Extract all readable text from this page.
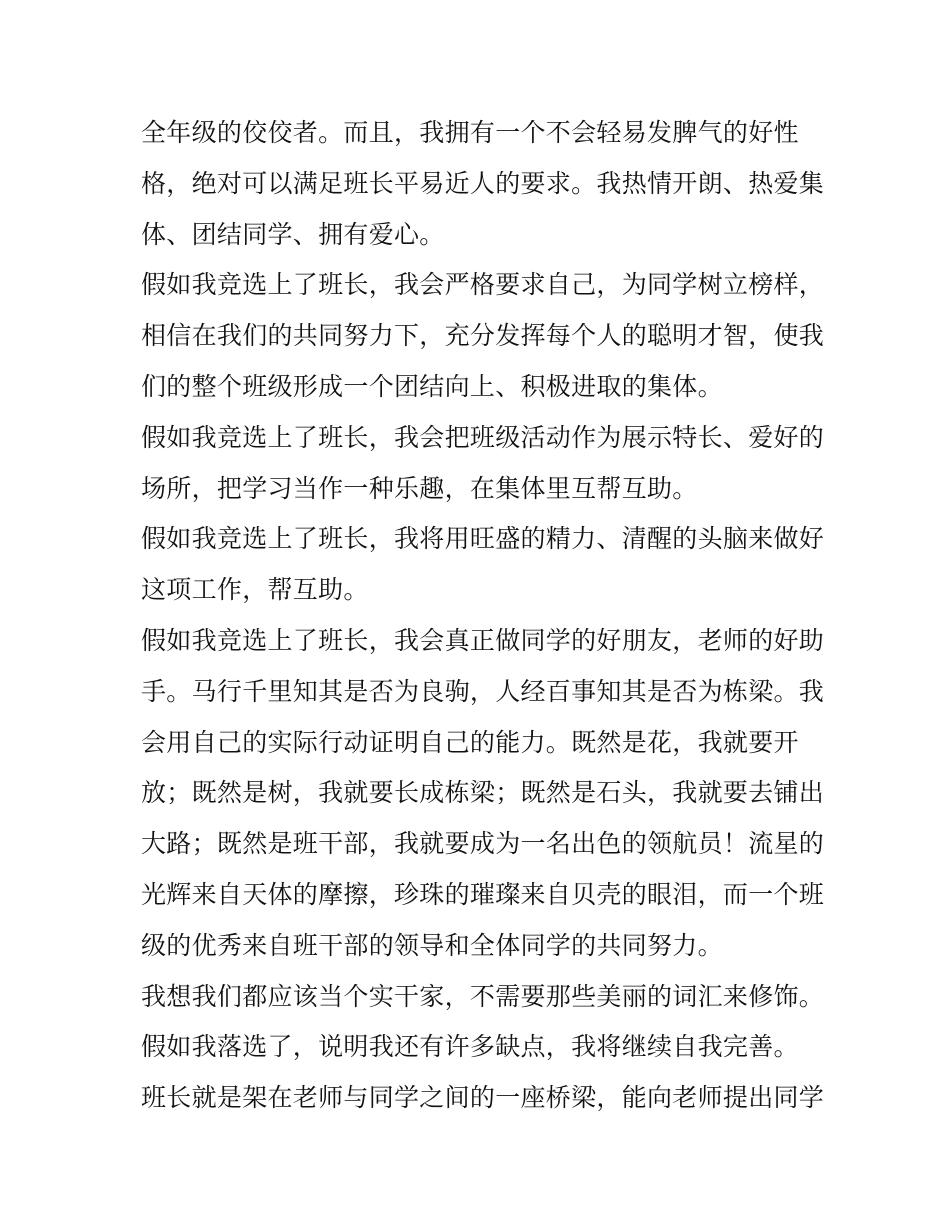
全年级的佼佼者。而且，我拥有一个不会轻易发脾气的好性
格，绝对可以满足班长平易近人的要求。我热情开朗、热爱集
体、团结同学、拥有爱心。
假如我竞选上了班长，我会严格要求自己，为同学树立榜样，
相信在我们的共同努力下，充分发挥每个人的聪明才智，使我
们的整个班级形成一个团结向上、积极进取的集体。
假如我竞选上了班长，我会把班级活动作为展示特长、爱好的
场所，把学习当作一种乐趣，在集体里互帮互助。
假如我竞选上了班长，我将用旺盛的精力、清醒的头脑来做好
这项工作，帮互助。
假如我竞选上了班长，我会真正做同学的好朋友，老师的好助
手。马行千里知其是否为良驹，人经百事知其是否为栋梁。我
会用自己的实际行动证明自己的能力。既然是花，我就要开
放；既然是树，我就要长成栋梁；既然是石头，我就要去铺出
大路；既然是班干部，我就要成为一名出色的领航员！流星的
光辉来自天体的摩擦，珍珠的璀璨来自贝壳的眼泪，而一个班
级的优秀来自班干部的领导和全体同学的共同努力。
我想我们都应该当个实干家，不需要那些美丽的词汇来修饰。
假如我落选了，说明我还有许多缺点，我将继续自我完善。
班长就是架在老师与同学之间的一座桥梁，能向老师提出同学
